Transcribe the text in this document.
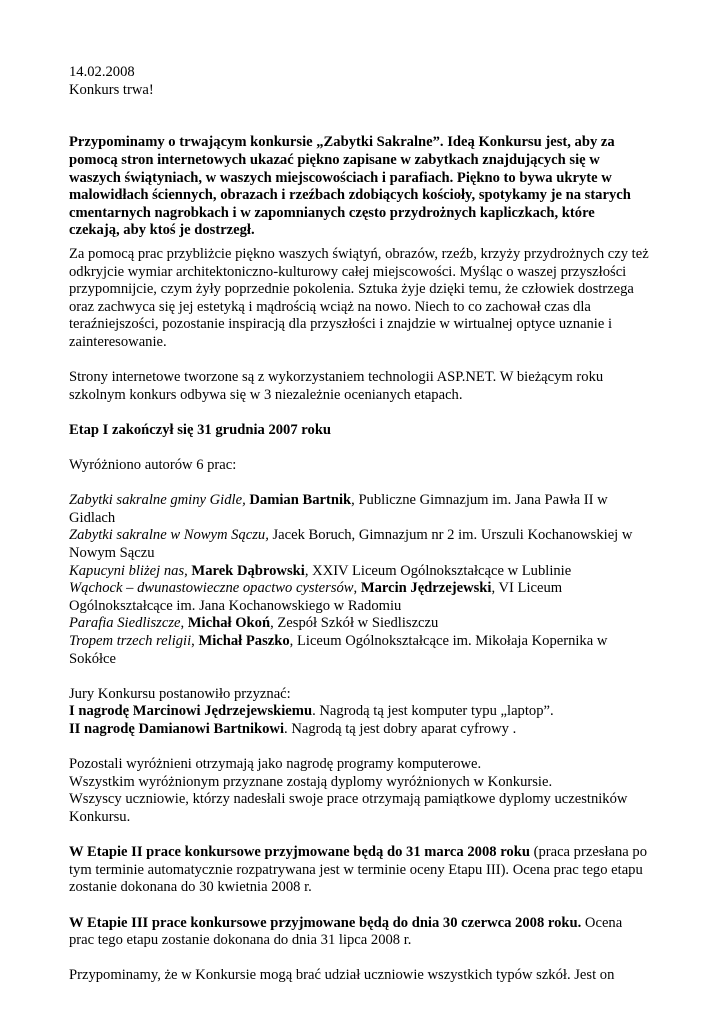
14.02.2008

Konkurs trwa!

Przypominamy o trwającym konkursie „Zabytki Sakralne”. Ideą Konkursu jest, aby za pomocą stron internetowych ukazać piękno zapisane w zabytkach znajdujących się w waszych świątyniach, w waszych miejscowościach i parafiach. Piękno to bywa ukryte w malowidłach ściennych, obrazach i rzeźbach zdobiących kościoły, spotykamy je na starych cmentarnych nagrobkach i w zapomnianych często przydrożnych kapliczkach, które czekają, aby ktoś je dostrzegł.

Za pomocą prac przybliżcie piękno waszych świątyń, obrazów, rzeźb, krzyży przydrożnych czy też odkryjcie wymiar architektoniczno-kulturowy całej miejscowości. Myśląc o waszej przyszłości przypomnijcie, czym żyły poprzednie pokolenia. Sztuka żyje dzięki temu, że człowiek dostrzega oraz zachwyca się jej estetyką i mądrością wciąż na nowo. Niech to co zachował czas dla teraźniejszości, pozostanie inspiracją dla przyszłości i znajdzie w wirtualnej optyce uznanie i zainteresowanie.

Strony internetowe tworzone są z wykorzystaniem technologii ASP.NET. W bieżącym roku szkolnym konkurs odbywa się w 3 niezależnie ocenianych etapach.

Etap I zakończył się 31 grudnia 2007 roku

Wyróżniono autorów 6 prac:

Zabytki sakralne gminy Gidle, Damian Bartnik, Publiczne Gimnazjum im. Jana Pawła II w Gidlach

Zabytki sakralne w Nowym Sączu, Jacek Boruch, Gimnazjum nr 2 im. Urszuli Kochanowskiej w Nowym Sączu

Kapucyni bliżej nas, Marek Dąbrowski, XXIV Liceum Ogólnokształcące w Lublinie

Wąchock – dwunastowieczne opactwo cystersów, Marcin Jędrzejewski, VI Liceum Ogólnokształcące im. Jana Kochanowskiego w Radomiu

Parafia Siedliszcze, Michał Okoń, Zespół Szkół w Siedliszczu

Tropem trzech religii, Michał Paszko, Liceum Ogólnokształcące im. Mikołaja Kopernika w Sokółce

Jury Konkursu postanowiło przyznać:

I nagrodę Marcinowi Jędrzejewskiemu. Nagrodą tą jest komputer typu „laptop”.

II nagrodę Damianowi Bartnikowi. Nagrodą tą jest dobry aparat cyfrowy .

Pozostali wyróżnieni otrzymają jako nagrodę programy komputerowe.

Wszystkim wyróżnionym przyznane zostają dyplomy wyróżnionych w Konkursie.

Wszyscy uczniowie, którzy nadesłali swoje prace otrzymają pamiątkowe dyplomy uczestników Konkursu.

W Etapie II prace konkursowe przyjmowane będą do 31 marca 2008 roku (praca przesłana po tym terminie automatycznie rozpatrywana jest w terminie oceny Etapu III). Ocena prac tego etapu zostanie dokonana do 30 kwietnia 2008 r.

W Etapie III prace konkursowe przyjmowane będą do dnia 30 czerwca 2008 roku. Ocena prac tego etapu zostanie dokonana do dnia 31 lipca 2008 r.

Przypominamy, że w Konkursie mogą brać udział uczniowie wszystkich typów szkół. Jest on
